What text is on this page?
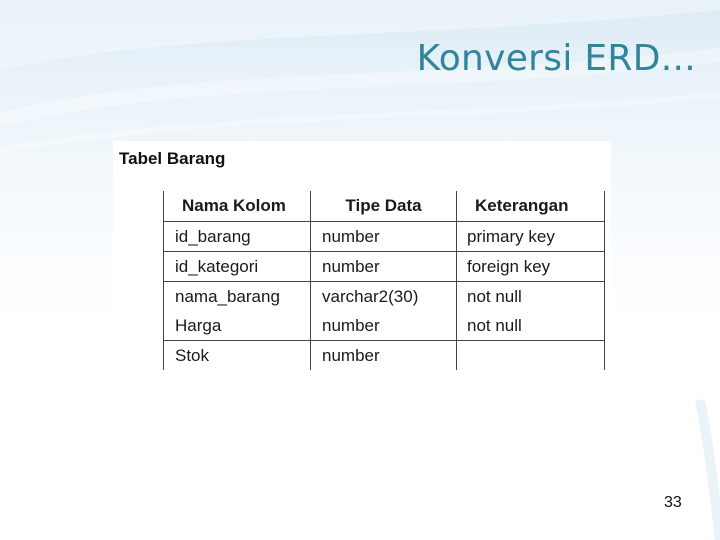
Konversi ERD...
Tabel Barang
Nama Kolom	Tipe Data	Keterangan
id_barang	number	primary key
id_kategori	number	foreign key
nama_barang	varchar2(30)	not null
Harga	number	not null
Stok	number	
33
